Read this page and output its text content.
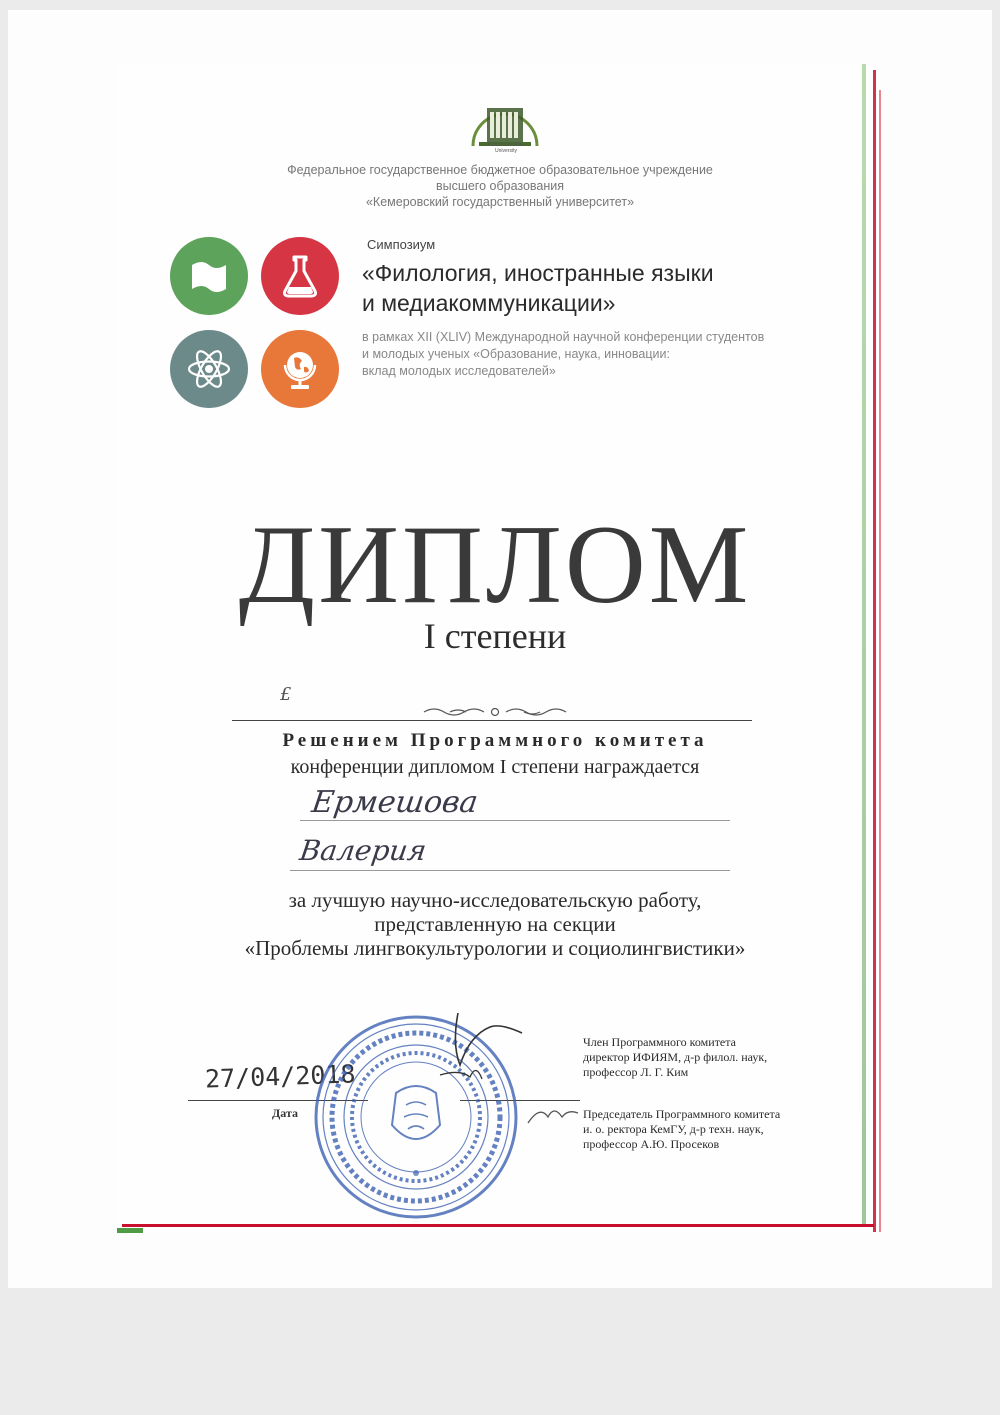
Kemerovo State University
Федеральное государственное бюджетное образовательное учреждение
высшего образования
«Кемеровский государственный университет»
Симпозиум
«Филология, иностранные языки
и медиакоммуникации»
в рамках XII (XLIV) Международной научной конференции студентов
и молодых ученых «Образование, наука, инновации:
вклад молодых исследователей»
ДИПЛОМ
I степени
£
Решением Программного комитета
конференции дипломом I степени награждается
Ермешова
Валерия
за лучшую научно-исследовательскую работу,
представленную на секции
«Проблемы лингвокультурологии и социолингвистики»
27/04/2018
Дата
Член Программного комитета
директор ИФИЯМ, д-р филол. наук,
профессор Л. Г. Ким
Председатель Программного комитета
и. о. ректора КемГУ, д-р техн. наук,
профессор А.Ю. Просеков
